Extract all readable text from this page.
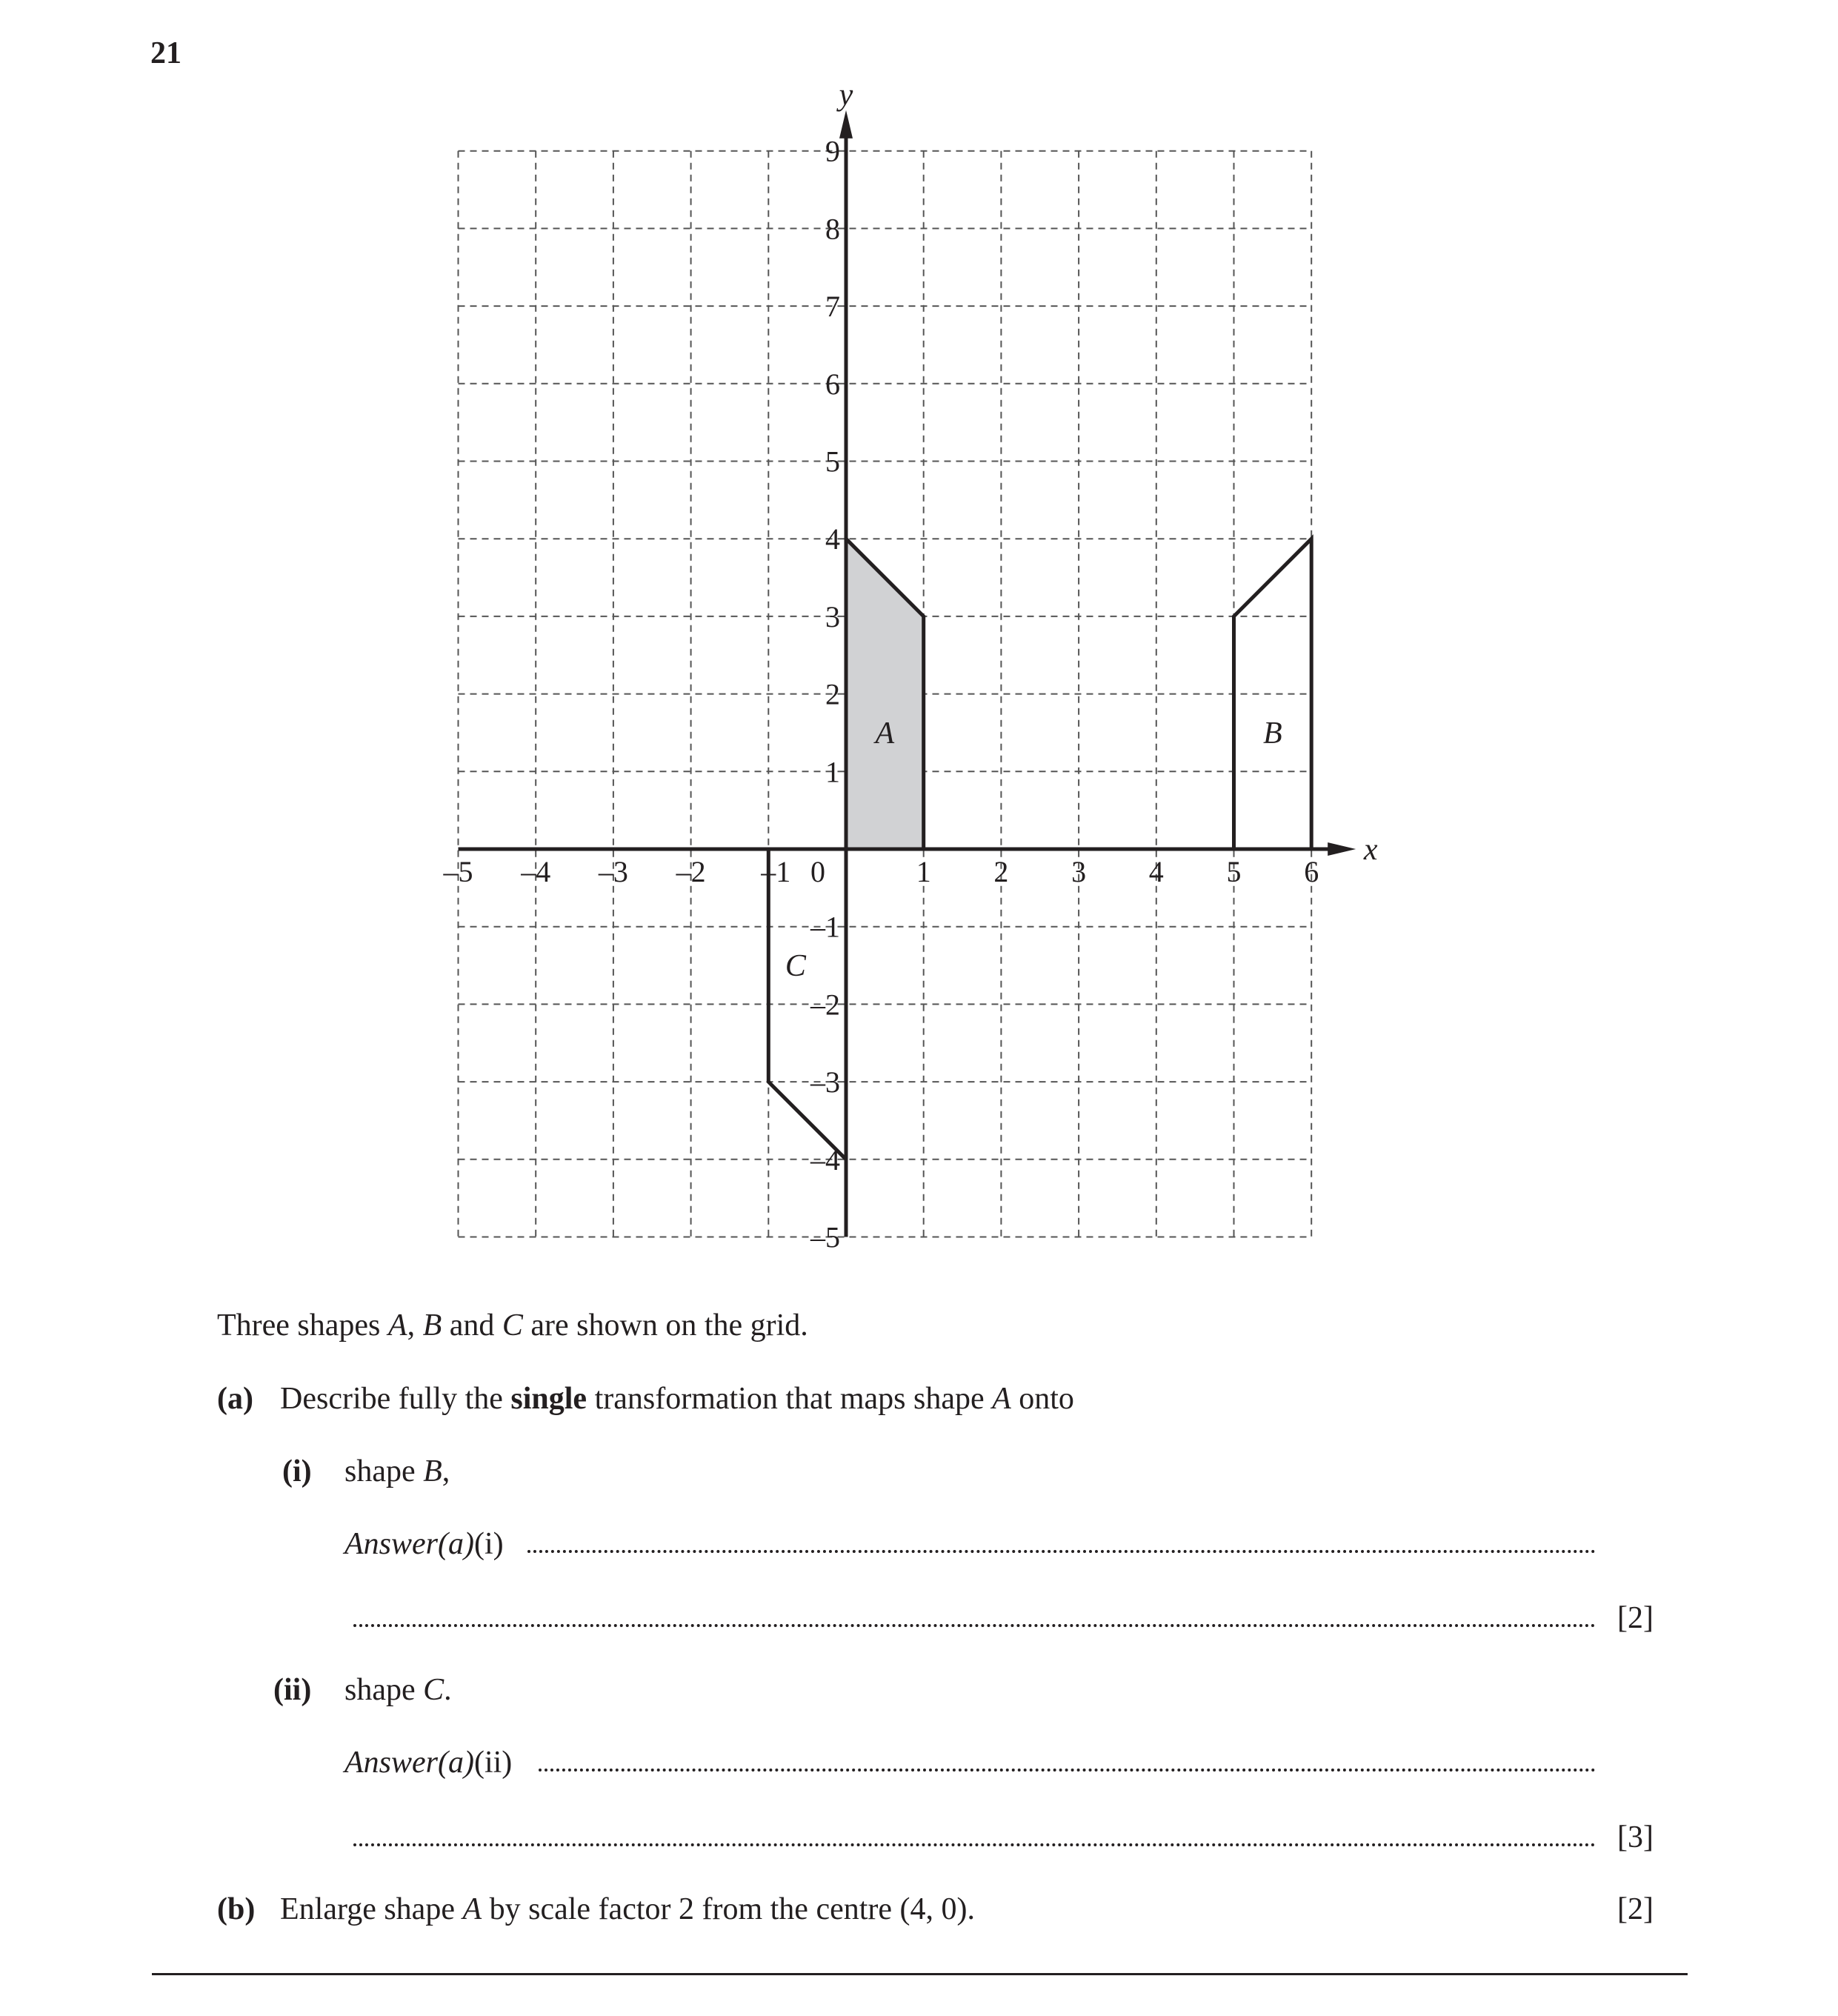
21
A	B
C
x
y
–5 –4 –3 –2 –1 0	1 2 3 4 5 6
9
8
7
6
5
4
3
2
1
–1
–2
–3
–4
–5
Three shapes A, B and C are shown on the grid.
(a) Describe fully the single transformation that maps shape A onto
(i) shape B,
Answer(a)(i)
[2]
(ii) shape C.
Answer(a)(ii)
[3]
(b) Enlarge shape A by scale factor 2 from the centre (4, 0).	[2]
